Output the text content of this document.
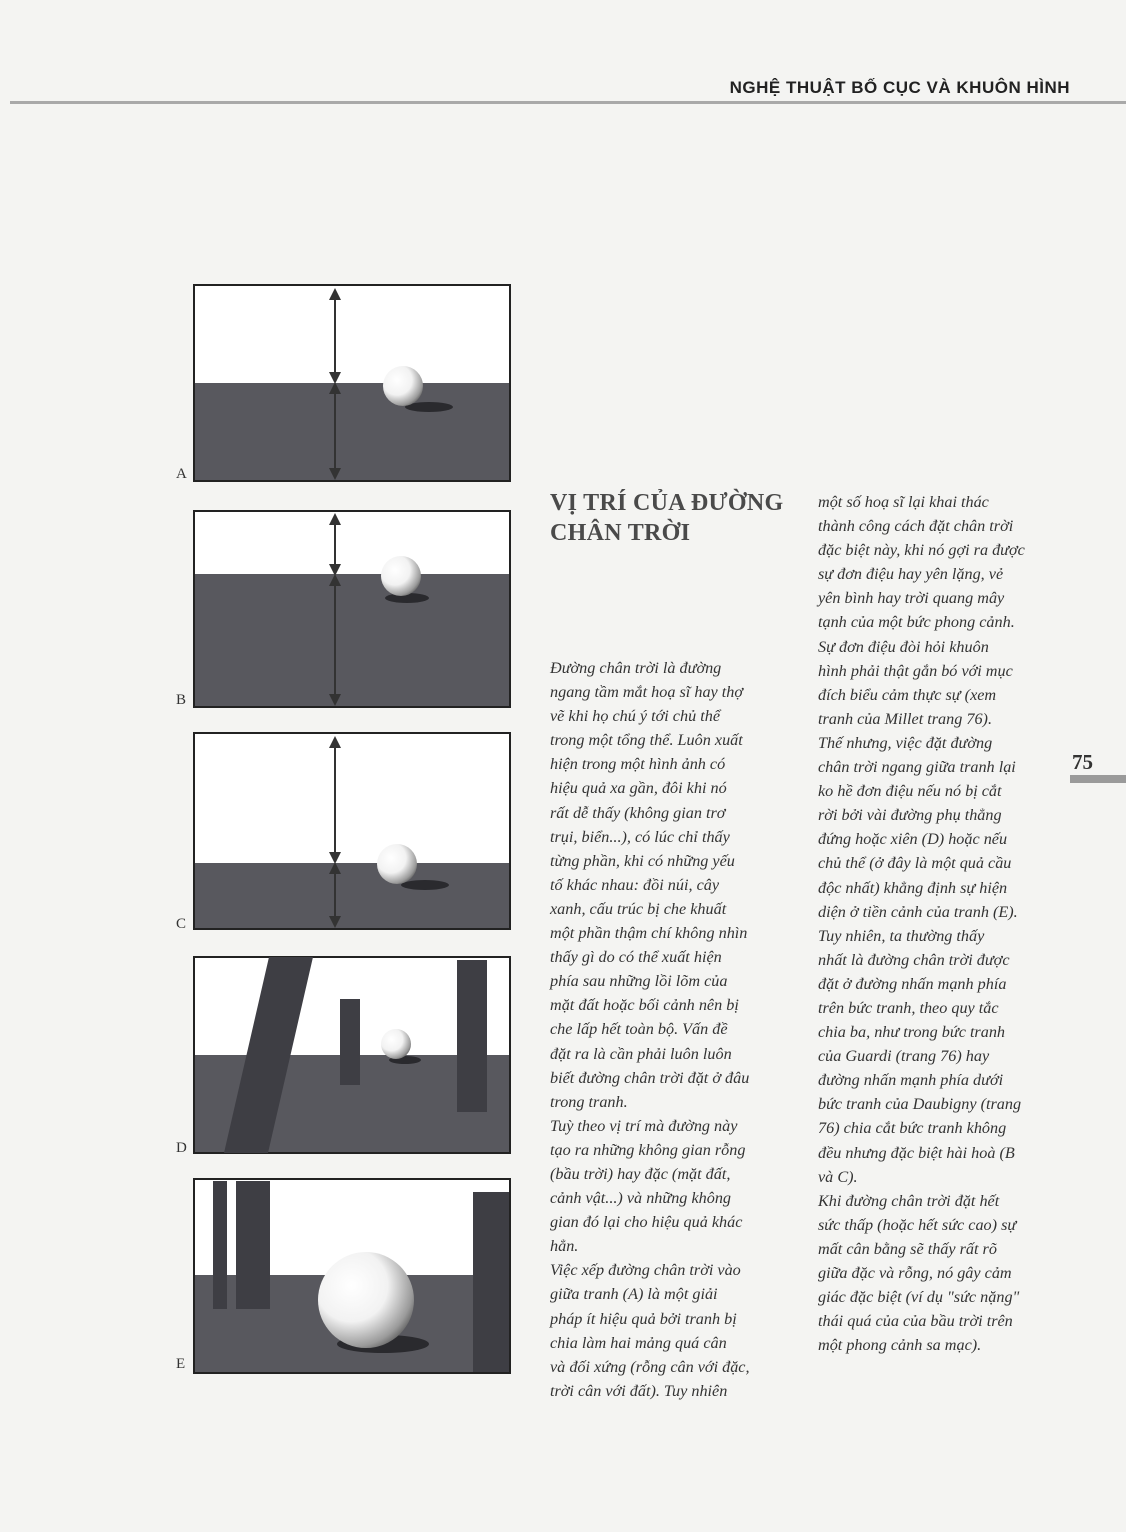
NGHỆ THUẬT BỐ CỤC VÀ KHUÔN HÌNH
A
B
C
D
E
VỊ TRÍ CỦA ĐƯỜNG
CHÂN TRỜI

Đường chân trời là đường

ngang tầm mắt hoạ sĩ hay thợ

vẽ khi họ chú ý tới chủ thể

trong một tổng thể. Luôn xuất

hiện trong một hình ảnh có

hiệu quả xa gần, đôi khi nó

rất dễ thấy (không gian trơ

trụi, biển...), có lúc chỉ thấy

từng phần, khi có những yếu

tố khác nhau: đồi núi, cây

xanh, cấu trúc bị che khuất

một phần thậm chí không nhìn

thấy gì do có thể xuất hiện

phía sau những lồi lõm của

mặt đất hoặc bối cảnh nên bị

che lấp hết toàn bộ. Vấn đề

đặt ra là cần phải luôn luôn

biết đường chân trời đặt ở đâu

trong tranh.

Tuỳ theo vị trí mà đường này

tạo ra những không gian rỗng

(bầu trời) hay đặc (mặt đất,

cảnh vật...) và những không

gian đó lại cho hiệu quả khác

hẳn.

Việc xếp đường chân trời vào

giữa tranh (A) là một giải

pháp ít hiệu quả bởi tranh bị

chia làm hai mảng quá cân

và đối xứng (rỗng cân với đặc,

trời cân với đất). Tuy nhiên

một số hoạ sĩ lại khai thác

thành công cách đặt chân trời

đặc biệt này, khi nó gợi ra được

sự đơn điệu hay yên lặng, vẻ

yên bình hay trời quang mây

tạnh của một bức phong cảnh.

Sự đơn điệu đòi hỏi khuôn

hình phải thật gắn bó với mục

đích biểu cảm thực sự (xem

tranh của Millet trang 76).

Thế nhưng, việc đặt đường

chân trời ngang giữa tranh lại

ko hề đơn điệu nếu nó bị cắt

rời bởi vài đường phụ thẳng

đứng hoặc xiên (D) hoặc nếu

chủ thể (ở đây là một quả cầu

độc nhất) khẳng định sự hiện

diện ở tiền cảnh của tranh (E).

Tuy nhiên, ta thường thấy

nhất là đường chân trời được

đặt ở đường nhấn mạnh phía

trên bức tranh, theo quy tắc

chia ba, như trong bức tranh

của Guardi (trang 76) hay

đường nhấn mạnh phía dưới

bức tranh của Daubigny (trang

76) chia cắt bức tranh không

đều nhưng đặc biệt hài hoà (B

và C).

Khi đường chân trời đặt hết

sức thấp (hoặc hết sức cao) sự

mất cân bằng sẽ thấy rất rõ

giữa đặc và rỗng, nó gây cảm

giác đặc biệt (ví dụ "sức nặng"

thái quá của của bầu trời trên

một phong cảnh sa mạc).

75
